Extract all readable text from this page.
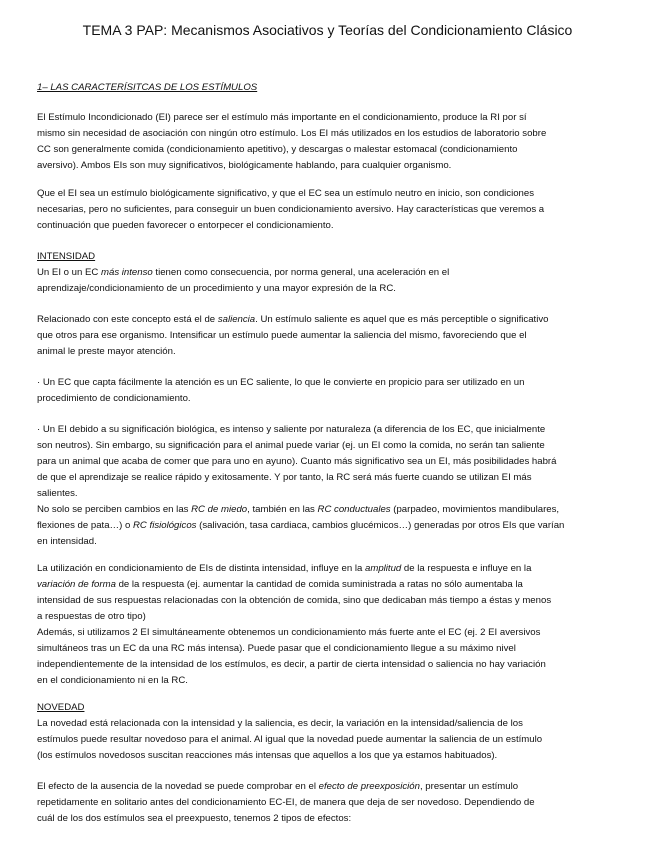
TEMA 3 PAP: Mecanismos Asociativos y Teorías del Condicionamiento Clásico
1– LAS CARACTERÍSITCAS DE LOS ESTÍMULOS
El Estímulo Incondicionado (EI) parece ser el estímulo más importante en el condicionamiento, produce la RI por sí
mismo sin necesidad de asociación con ningún otro estímulo. Los EI más utilizados en los estudios de laboratorio sobre
CC son generalmente comida (condicionamiento apetitivo), y descargas o malestar estomacal (condicionamiento
aversivo). Ambos EIs son muy significativos, biológicamente hablando, para cualquier organismo.
Que el EI sea un estímulo biológicamente significativo, y que el EC sea un estímulo neutro en inicio, son condiciones
necesarias, pero no suficientes, para conseguir un buen condicionamiento aversivo. Hay características que veremos a
continuación que pueden favorecer o entorpecer el condicionamiento.
INTENSIDAD
Un EI o un EC más intenso tienen como consecuencia, por norma general, una aceleración en el
aprendizaje/condicionamiento de un procedimiento y una mayor expresión de la RC.
Relacionado con este concepto está el de saliencia. Un estímulo saliente es aquel que es más perceptible o significativo
que otros para ese organismo. Intensificar un estímulo puede aumentar la saliencia del mismo, favoreciendo que el
animal le preste mayor atención.
· Un EC que capta fácilmente la atención es un EC saliente, lo que le convierte en propicio para ser utilizado en un
procedimiento de condicionamiento.
· Un EI debido a su significación biológica, es intenso y saliente por naturaleza (a diferencia de los EC, que inicialmente
son neutros). Sin embargo, su significación para el animal puede variar (ej. un EI como la comida, no serán tan saliente
para un animal que acaba de comer que para uno en ayuno). Cuanto más significativo sea un EI, más posibilidades habrá
de que el aprendizaje se realice rápido y exitosamente. Y por tanto, la RC será más fuerte cuando se utilizan EI más
salientes.
No solo se perciben cambios en las RC de miedo, también en las RC conductuales (parpadeo, movimientos mandibulares,
flexiones de pata…) o RC fisiológicos (salivación, tasa cardiaca, cambios glucémicos…) generadas por otros EIs que varían
en intensidad.
La utilización en condicionamiento de EIs de distinta intensidad, influye en la amplitud de la respuesta e influye en la
variación de forma de la respuesta (ej. aumentar la cantidad de comida suministrada a ratas no sólo aumentaba la
intensidad de sus respuestas relacionadas con la obtención de comida, sino que dedicaban más tiempo a éstas y menos
a respuestas de otro tipo)
Además, si utilizamos 2 EI simultáneamente obtenemos un condicionamiento más fuerte ante el EC (ej. 2 EI aversivos
simultáneos tras un EC da una RC más intensa). Puede pasar que el condicionamiento llegue a su máximo nivel
independientemente de la intensidad de los estímulos, es decir, a partir de cierta intensidad o saliencia no hay variación
en el condicionamiento ni en la RC.
NOVEDAD
La novedad está relacionada con la intensidad y la saliencia, es decir, la variación en la intensidad/saliencia de los
estímulos puede resultar novedoso para el animal. Al igual que la novedad puede aumentar la saliencia de un estímulo
(los estímulos novedosos suscitan reacciones más intensas que aquellos a los que ya estamos habituados).
El efecto de la ausencia de la novedad se puede comprobar en el efecto de preexposición, presentar un estímulo
repetidamente en solitario antes del condicionamiento EC-EI, de manera que deja de ser novedoso. Dependiendo de
cuál de los dos estímulos sea el preexpuesto, tenemos 2 tipos de efectos:
